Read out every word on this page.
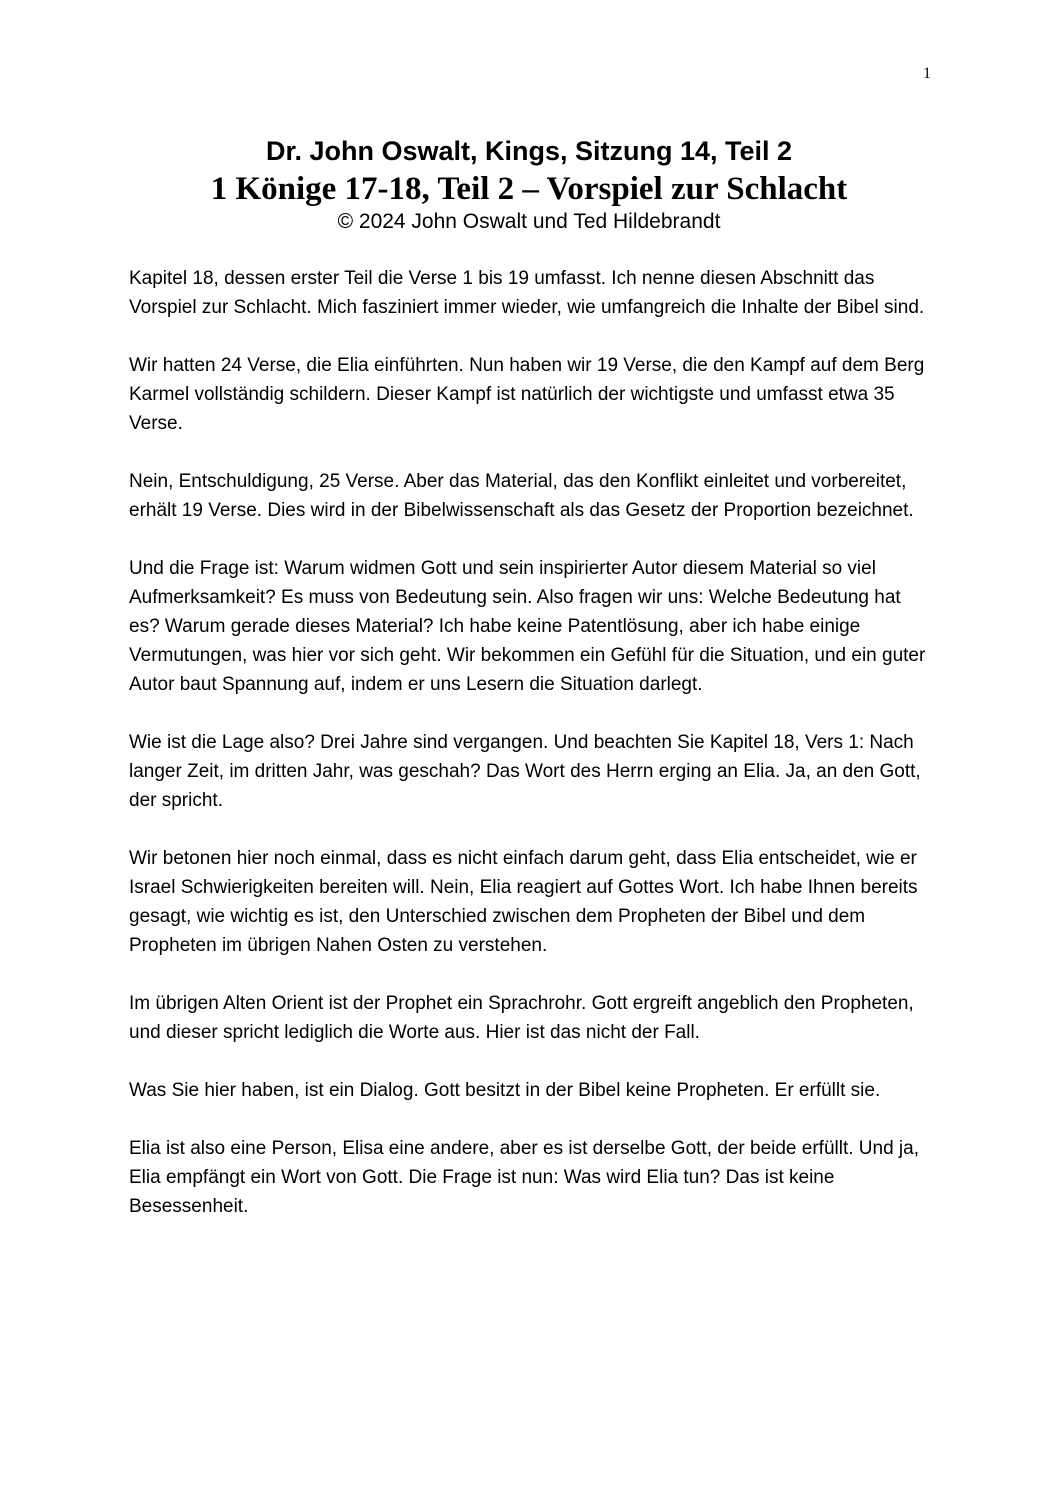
1
Dr. John Oswalt, Kings, Sitzung 14, Teil 2
1 Könige 17-18, Teil 2 – Vorspiel zur Schlacht
© 2024 John Oswalt und Ted Hildebrandt

Kapitel 18, dessen erster Teil die Verse 1 bis 19 umfasst. Ich nenne diesen Abschnitt das Vorspiel zur Schlacht. Mich fasziniert immer wieder, wie umfangreich die Inhalte der Bibel sind.

Wir hatten 24 Verse, die Elia einführten. Nun haben wir 19 Verse, die den Kampf auf dem Berg Karmel vollständig schildern. Dieser Kampf ist natürlich der wichtigste und umfasst etwa 35 Verse.

Nein, Entschuldigung, 25 Verse. Aber das Material, das den Konflikt einleitet und vorbereitet, erhält 19 Verse. Dies wird in der Bibelwissenschaft als das Gesetz der Proportion bezeichnet.

Und die Frage ist: Warum widmen Gott und sein inspirierter Autor diesem Material so viel Aufmerksamkeit? Es muss von Bedeutung sein. Also fragen wir uns: Welche Bedeutung hat es? Warum gerade dieses Material? Ich habe keine Patentlösung, aber ich habe einige Vermutungen, was hier vor sich geht. Wir bekommen ein Gefühl für die Situation, und ein guter Autor baut Spannung auf, indem er uns Lesern die Situation darlegt.

Wie ist die Lage also? Drei Jahre sind vergangen. Und beachten Sie Kapitel 18, Vers 1: Nach langer Zeit, im dritten Jahr, was geschah? Das Wort des Herrn erging an Elia. Ja, an den Gott, der spricht.

Wir betonen hier noch einmal, dass es nicht einfach darum geht, dass Elia entscheidet, wie er Israel Schwierigkeiten bereiten will. Nein, Elia reagiert auf Gottes Wort. Ich habe Ihnen bereits gesagt, wie wichtig es ist, den Unterschied zwischen dem Propheten der Bibel und dem Propheten im übrigen Nahen Osten zu verstehen.

Im übrigen Alten Orient ist der Prophet ein Sprachrohr. Gott ergreift angeblich den Propheten, und dieser spricht lediglich die Worte aus. Hier ist das nicht der Fall.

Was Sie hier haben, ist ein Dialog. Gott besitzt in der Bibel keine Propheten. Er erfüllt sie.

Elia ist also eine Person, Elisa eine andere, aber es ist derselbe Gott, der beide erfüllt. Und ja, Elia empfängt ein Wort von Gott. Die Frage ist nun: Was wird Elia tun? Das ist keine Besessenheit.
